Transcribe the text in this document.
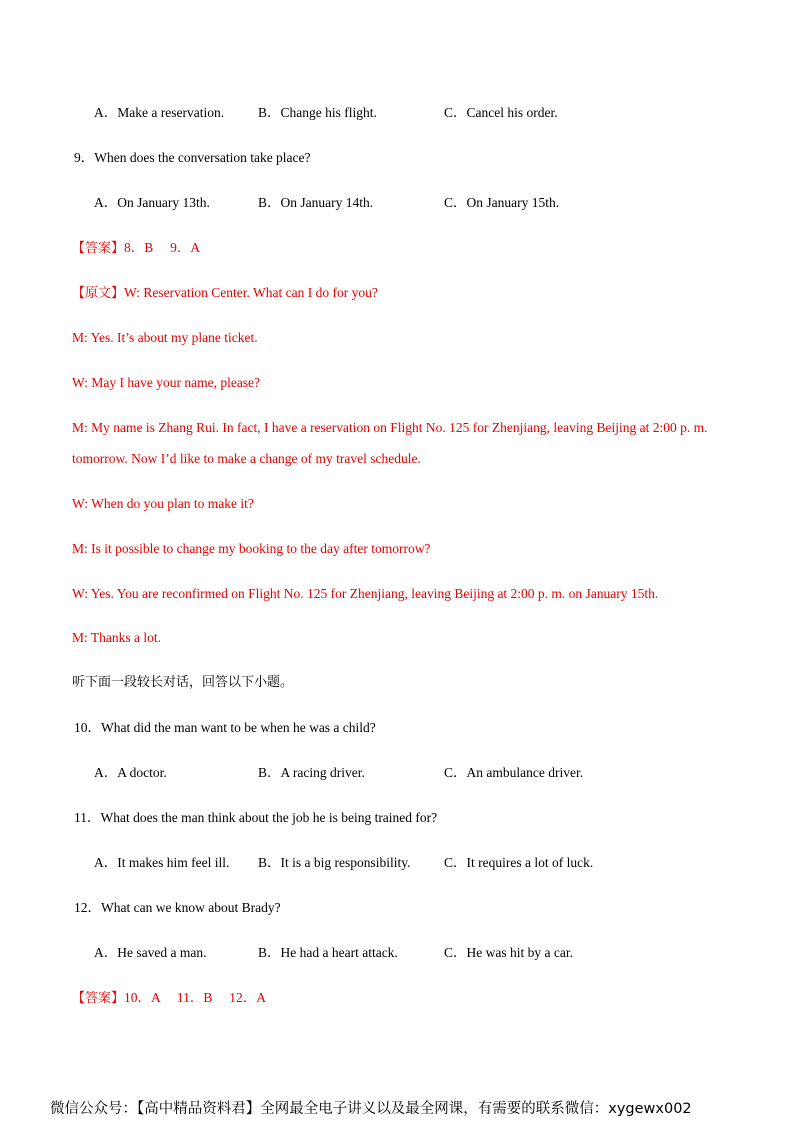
A．Make a reservation.	B．Change his flight.	C．Cancel his order.
9．When does the conversation take place?
A．On January 13th.	B．On January 14th.	C．On January 15th.
【答案】8．B　 9．A
【原文】W: Reservation Center. What can I do for you?
M: Yes. It’s about my plane ticket.
W: May I have your name, please?
M: My name is Zhang Rui. In fact, I have a reservation on Flight No. 125 for Zhenjiang, leaving Beijing at 2:00 p. m. tomorrow. Now I’d like to make a change of my travel schedule.
W: When do you plan to make it?
M: Is it possible to change my booking to the day after tomorrow?
W: Yes. You are reconfirmed on Flight No. 125 for Zhenjiang, leaving Beijing at 2:00 p. m. on January 15th.
M: Thanks a lot.
听下面一段较长对话，回答以下小题。
10．What did the man want to be when he was a child?
A．A doctor.	B．A racing driver.	C．An ambulance driver.
11．What does the man think about the job he is being trained for?
A．It makes him feel ill. B．It is a big responsibility. C．It requires a lot of luck.
12．What can we know about Brady?
A．He saved a man.	B．He had a heart attack.	C．He was hit by a car.
【答案】10．A　 11．B　 12．A
微信公众号：【高中精品资料君】全网最全电子讲义以及最全网课，有需要的联系微信：xygewx002
